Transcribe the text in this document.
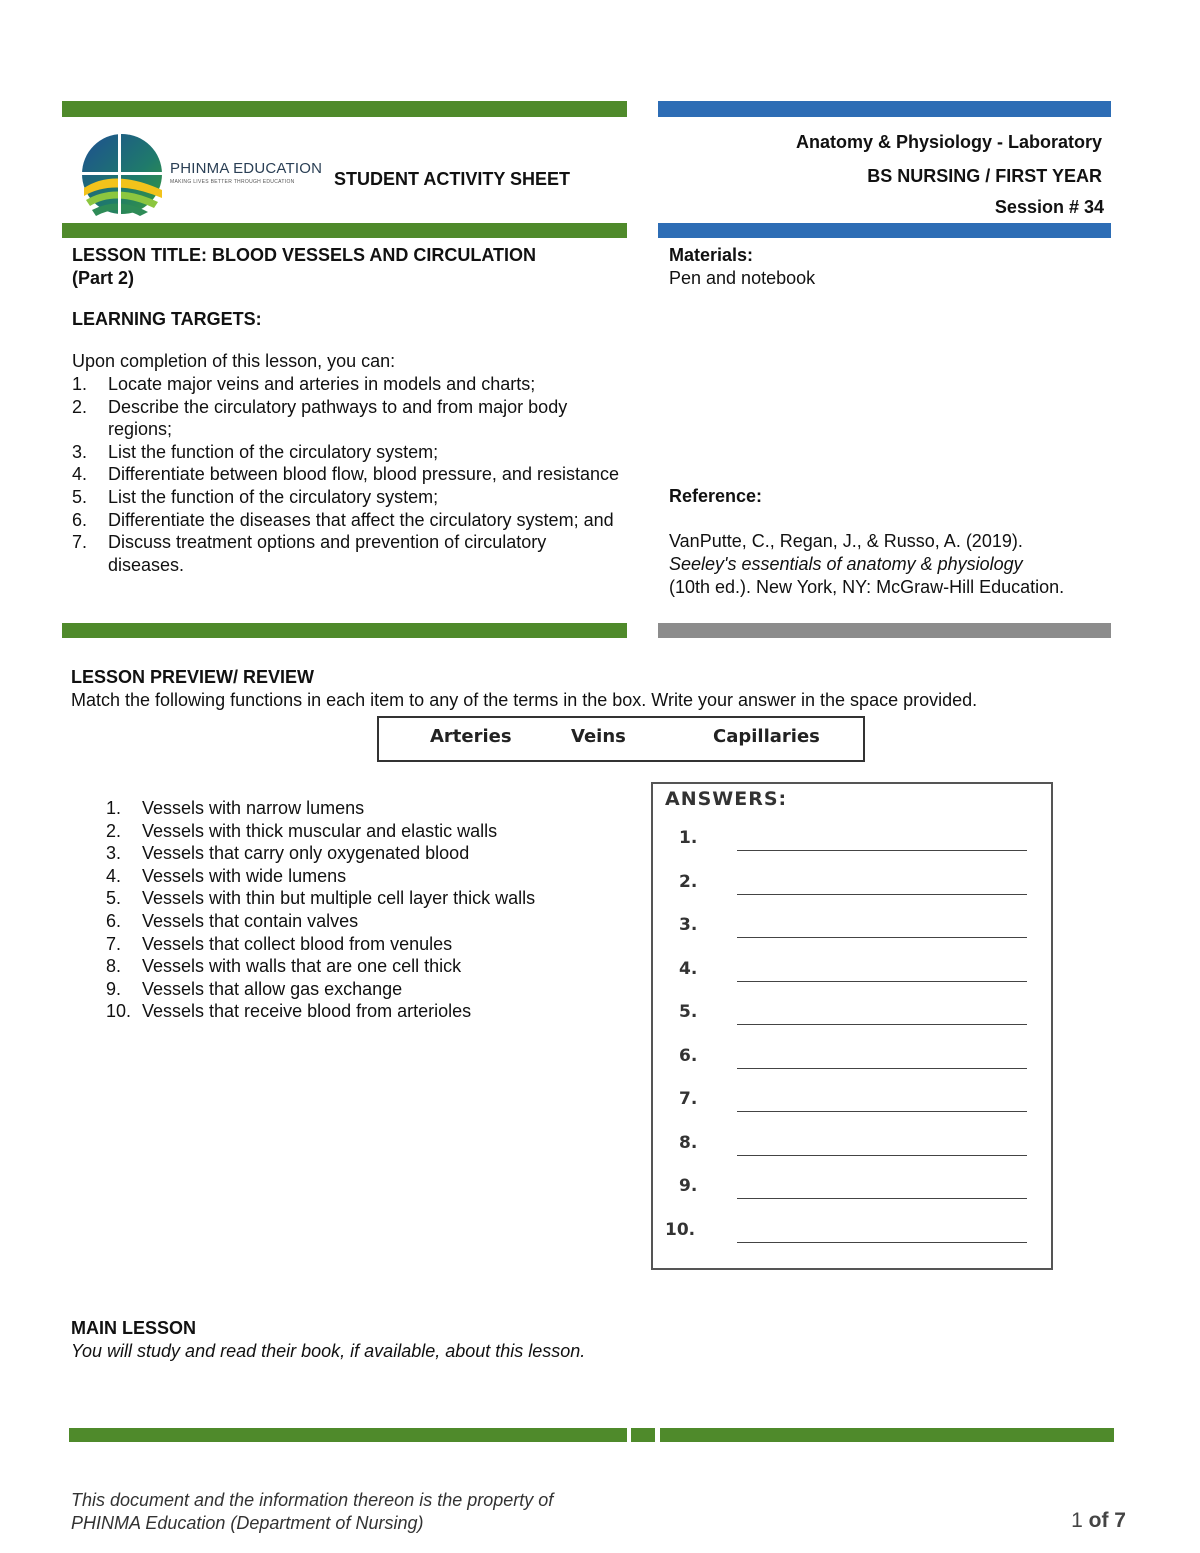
PHINMA EDUCATION
MAKING LIVES BETTER THROUGH EDUCATION STUDENT ACTIVITY SHEET
Anatomy & Physiology - Laboratory
BS NURSING / FIRST YEAR
Session # 34
LESSON TITLE: BLOOD VESSELS AND CIRCULATION
(Part 2)
LEARNING TARGETS:
Upon completion of this lesson, you can:
1. Locate major veins and arteries in models and charts;
2. Describe the circulatory pathways to and from major body regions;
3. List the function of the circulatory system;
4. Differentiate between blood flow, blood pressure, and resistance
5. List the function of the circulatory system;
6. Differentiate the diseases that affect the circulatory system; and
7. Discuss treatment options and prevention of circulatory diseases.
Materials:
Pen and notebook
Reference:
VanPutte, C., Regan, J., & Russo, A. (2019).
Seeley's essentials of anatomy & physiology
(10th ed.). New York, NY: McGraw-Hill Education.
LESSON PREVIEW/ REVIEW
Match the following functions in each item to any of the terms in the box. Write your answer in the space provided.
Arteries	Veins	Capillaries
1. Vessels with narrow lumens
2. Vessels with thick muscular and elastic walls
3. Vessels that carry only oxygenated blood
4. Vessels with wide lumens
5. Vessels with thin but multiple cell layer thick walls
6. Vessels that contain valves
7. Vessels that collect blood from venules
8. Vessels with walls that are one cell thick
9. Vessels that allow gas exchange
10. Vessels that receive blood from arterioles
ANSWERS:
1.
2.
3.
4.
5.
6.
7.
8.
9.
10.
MAIN LESSON
You will study and read their book, if available, about this lesson.
This document and the information thereon is the property of
PHINMA Education (Department of Nursing)	1 of 7
